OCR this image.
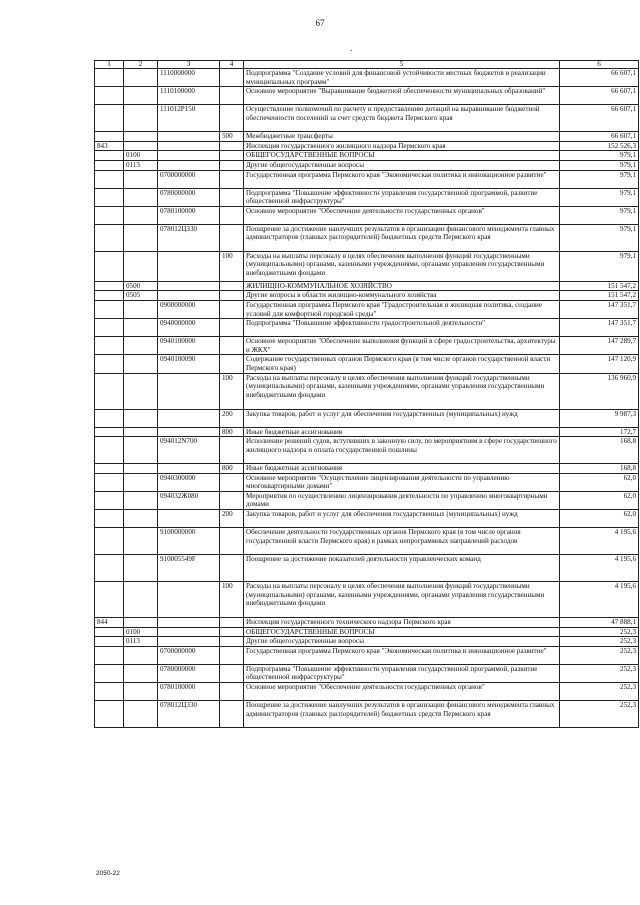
67
-
1	2	3	4	5	6
		1110000000		Подпрограмма "Создание условий для финансовой устойчивости местных бюджетов и реализации муниципальных программ"	66 607,1
		1110100000		Основное мероприятие "Выравнивание бюджетной обеспеченности муниципальных образований"	66 607,1
		111012P150		Осуществление полномочий по расчету и предоставлению дотаций на выравнивание бюджетной обеспеченности поселений за счет средств бюджета Пермского края	66 607,1
			500	Межбюджетные трансферты	66 607,1
843				Инспекция государственного жилищного надзора Пермского края	152 526,3
	0100			ОБЩЕГОСУДАРСТВЕННЫЕ ВОПРОСЫ	979,1
	0113			Другие общегосударственные вопросы	979,1
		0700000000		Государственная программа Пермского края "Экономическая политика и инновационное развитие"	979,1
		0780000000		Подпрограмма "Повышение эффективности управления государственной программой, развитие общественной инфраструктуры"	979,1
		0780100000		Основное мероприятие "Обеспечение деятельности государственных органов"	979,1
		078012Ц330		Поощрение за достижение наилучших результатов в организации финансового менеджмента главных администраторов (главных распорядителей) бюджетных средств Пермского края	979,1
			100	Расходы на выплаты персоналу в целях обеспечения выполнения функций государственными (муниципальными) органами, казенными учреждениями, органами управления государственными внебюджетными фондами	979,1
	0500			ЖИЛИЩНО-КОММУНАЛЬНОЕ ХОЗЯЙСТВО	151 547,2
	0505			Другие вопросы в области жилищно-коммунального хозяйства	151 547,2
		0900000000		Государственная программа Пермского края "Градостроительная и жилищная политика, создание условий для комфортной городской среды"	147 351,7
		0940000000		Подпрограмма "Повышение эффективности градостроительной деятельности"	147 351,7
		0940100000		Основное мероприятие "Обеспечение выполнения функций в сфере градостроительства, архитектуры и ЖКХ"	147 289,7
		0940100090		Содержание государственных органов Пермского края (в том числе органов государственной власти Пермского края)	147 120,9
			100	Расходы на выплаты персоналу в целях обеспечения выполнения функций государственными (муниципальными) органами, казенными учреждениями, органами управления государственными внебюджетными фондами	136 960,9
			200	Закупка товаров, работ и услуг для обеспечения государственных (муниципальных) нужд	9 987,3
			800	Иные бюджетные ассигнования	172,7
		094012N700		Исполнение решений судов, вступивших в законную силу, по мероприятиям в сфере государственного жилищного надзора и оплата государственной пошлины	168,8
			800	Иные бюджетные ассигнования	168,8
		0940300000		Основное мероприятие "Осуществление лицензирования деятельности по управлению многоквартирными домами"	62,0
		094032Ж080		Мероприятия по осуществлению лицензирования деятельности по управлению многоквартирными домами	62,0
			200	Закупка товаров, работ и услуг для обеспечения государственных (муниципальных) нужд	62,0
		9100000000		Обеспечение деятельности государственных органов Пермского края (в том числе органов государственной власти Пермского края) в рамках непрограммных направлений расходов	4 195,6
		910005549F		Поощрение за достижение показателей деятельности управленческих команд	4 195,6
			100	Расходы на выплаты персоналу в целях обеспечения выполнения функций государственными (муниципальными) органами, казенными учреждениями, органами управления государственными внебюджетными фондами	4 195,6
844				Инспекция государственного технического надзора Пермского края	47 888,1
	0100			ОБЩЕГОСУДАРСТВЕННЫЕ ВОПРОСЫ	252,3
	0113			Другие общегосударственные вопросы	252,3
		0700000000		Государственная программа Пермского края "Экономическая политика и инновационное развитие"	252,3
		0780000000		Подпрограмма "Повышение эффективности управления государственной программой, развитие общественной инфраструктуры"	252,3
		0780100000		Основное мероприятие "Обеспечение деятельности государственных органов"	252,3
		078012Ц330		Поощрение за достижение наилучших результатов в организации финансового менеджмента главных администраторов (главных распорядителей) бюджетных средств Пермского края	252,3
2050-22
